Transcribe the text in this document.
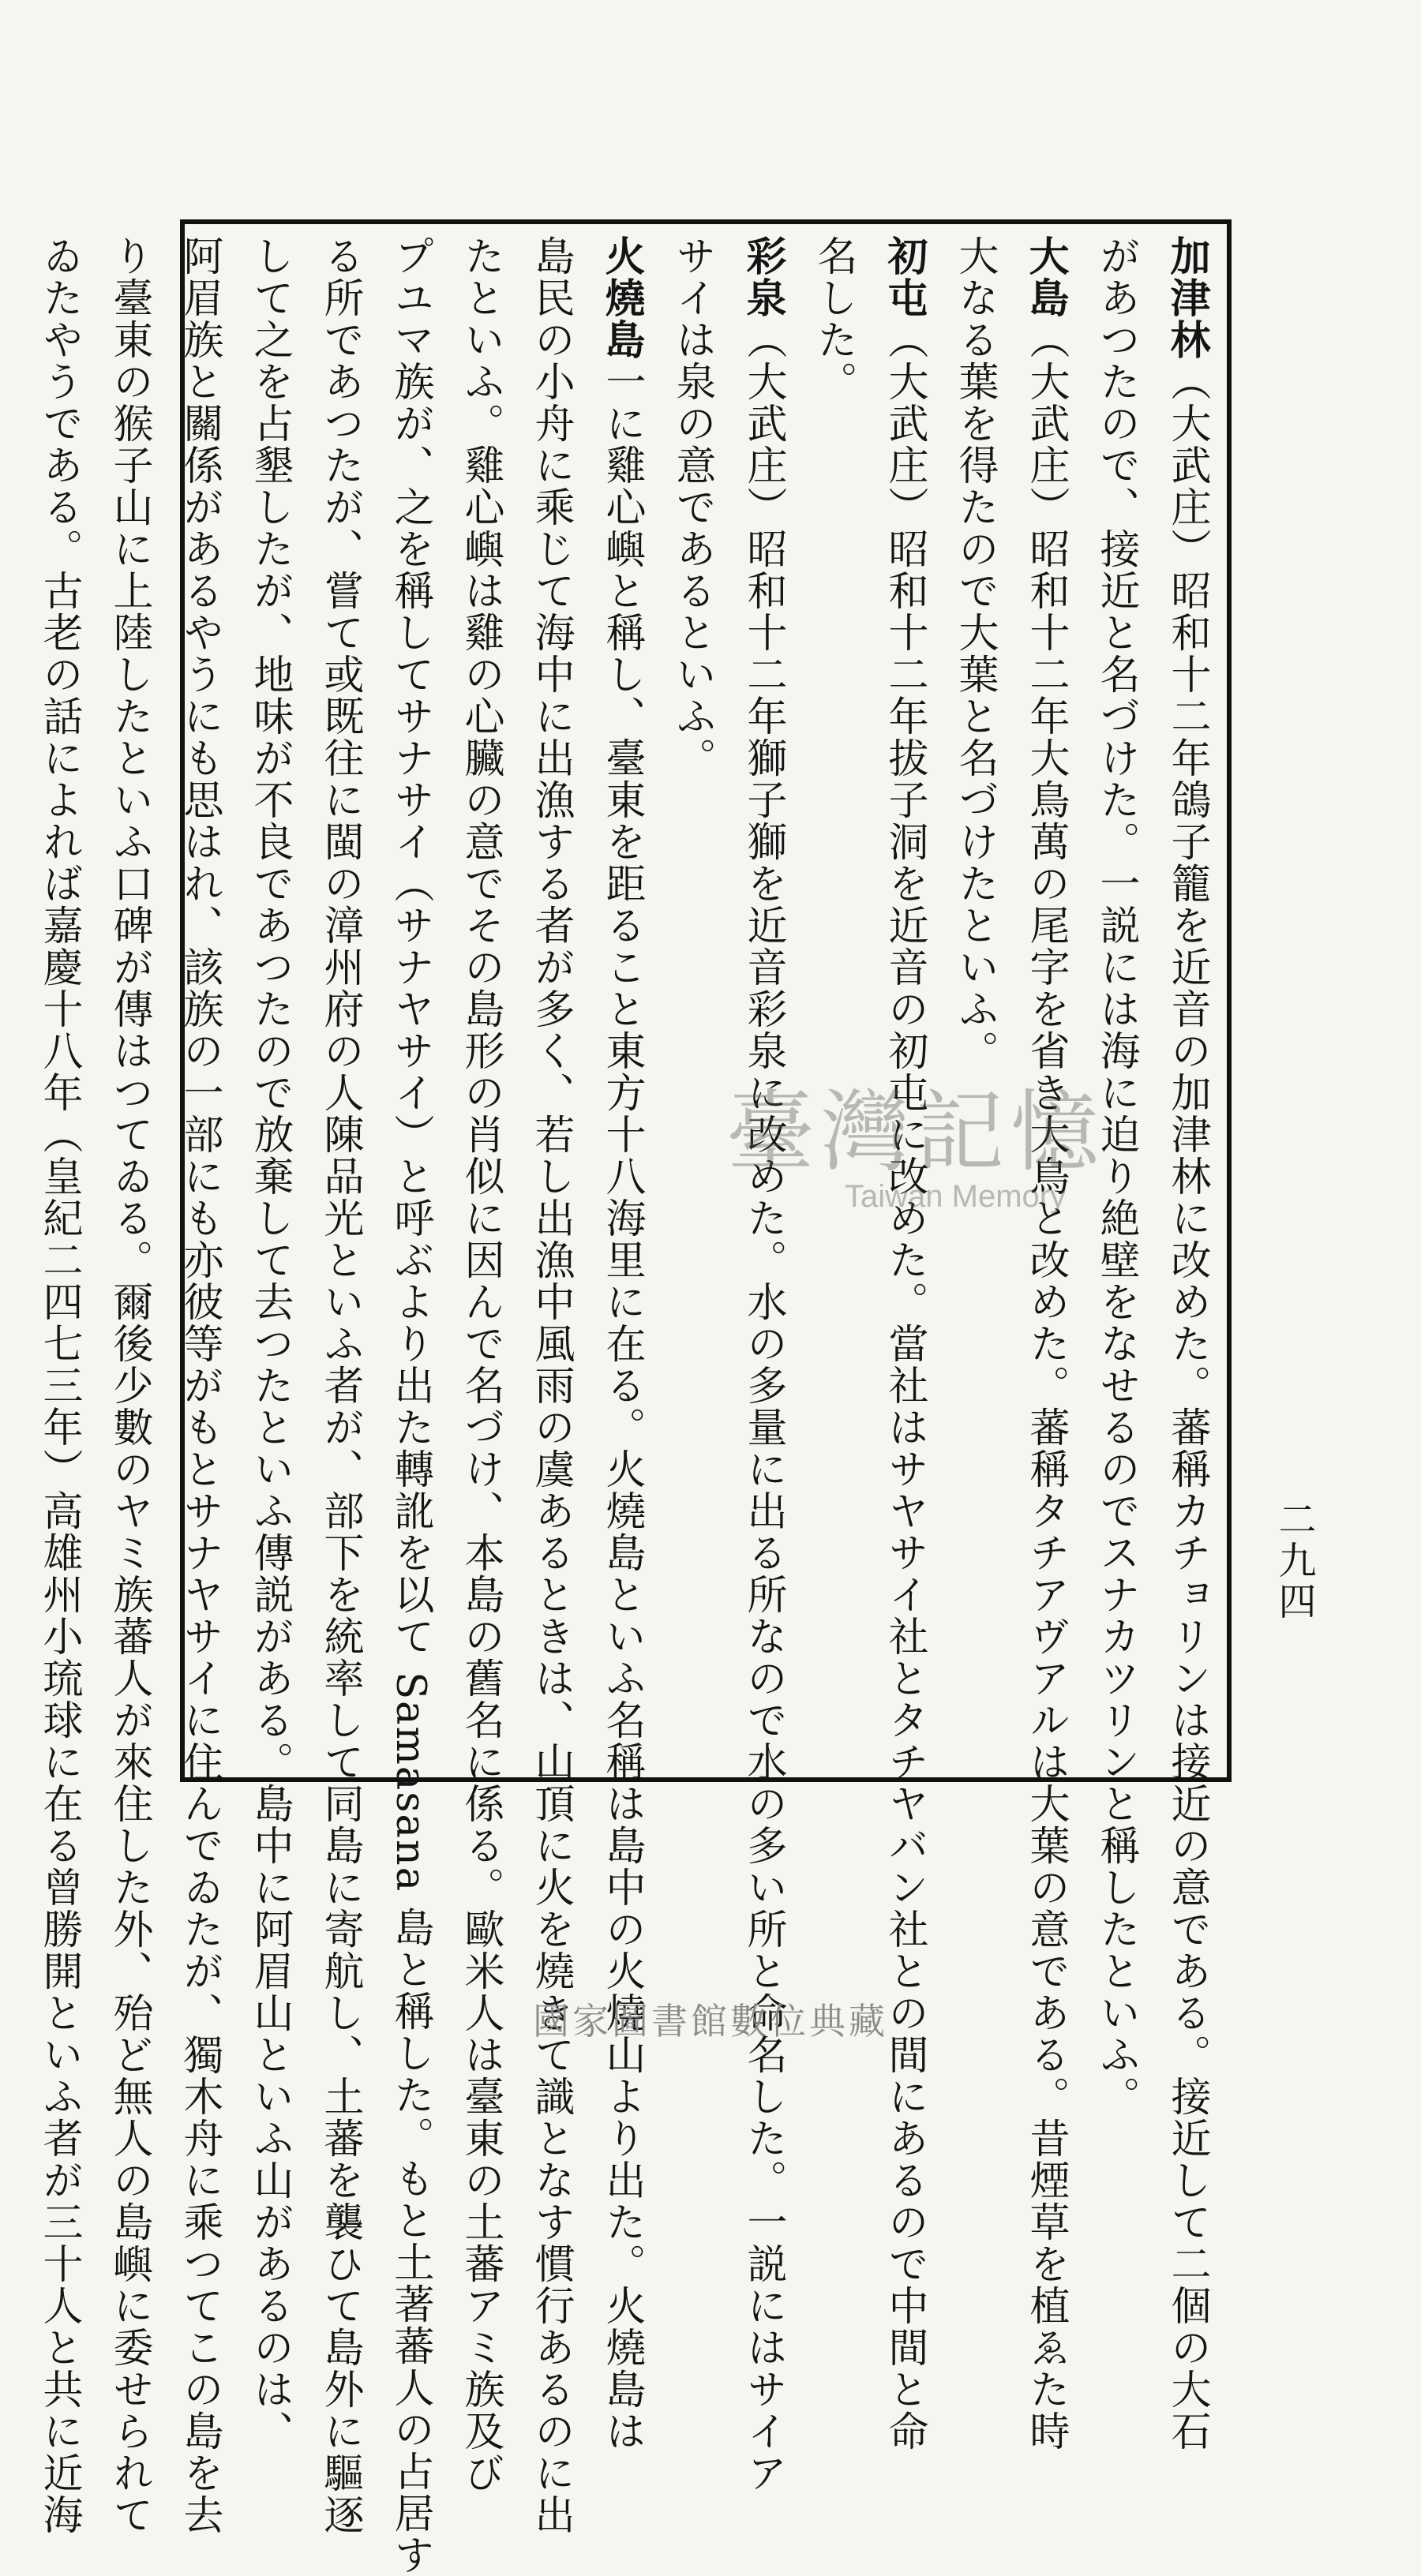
加津林（大武庄）昭和十二年鴿子籠を近音の加津林に改めた。蕃稱カチョリンは接近の意である。接近して二個の大石
があつたので、接近と名づけた。一説には海に迫り絶壁をなせるのでスナカツリンと稱したといふ。
大島（大武庄）昭和十二年大鳥萬の尾字を省き大鳥と改めた。蕃稱タチアヴアルは大葉の意である。昔煙草を植ゑた時
大なる葉を得たので大葉と名づけたといふ。
初屯（大武庄）昭和十二年拔子洞を近音の初屯に改めた。當社はサヤサイ社とタチヤバン社との間にあるので中間と命
名した。
彩泉（大武庄）昭和十二年獅子獅を近音彩泉に改めた。水の多量に出る所なので水の多い所と命名した。一説にはサイア
サイは泉の意であるといふ。
火燒島一に雞心嶼と稱し、臺東を距ること東方十八海里に在る。火燒島といふ名稱は島中の火燒山より出た。火燒島は
島民の小舟に乘じて海中に出漁する者が多く、若し出漁中風雨の虞あるときは、山頂に火を燒きて識となす慣行あるのに出
たといふ。雞心嶼は雞の心臟の意でその島形の肖似に因んで名づけ、本島の舊名に係る。歐米人は臺東の土蕃アミ族及び
プユマ族が、之を稱してサナサイ（サナヤサイ）と呼ぶより出た轉訛を以て Samasana 島と稱した。もと土著蕃人の占居す
る所であつたが、嘗て或既往に閩の漳州府の人陳品光といふ者が、部下を統率して同島に寄航し、土蕃を襲ひて島外に驅逐
して之を占墾したが、地味が不良であつたので放棄して去つたといふ傳説がある。島中に阿眉山といふ山があるのは、
阿眉族と關係があるやうにも思はれ、該族の一部にも亦彼等がもとサナヤサイに住んでゐたが、獨木舟に乘つてこの島を去
り臺東の猴子山に上陸したといふ口碑が傳はつてゐる。爾後少數のヤミ族蕃人が來住した外、殆ど無人の島嶼に委せられて
ゐたやうである。古老の話によれば嘉慶十八年（皇紀二四七三年）高雄州小琉球に在る曾勝開といふ者が三十人と共に近海	二九四
臺灣記憶
Taiwan Memory
國家圖書館數位典藏
